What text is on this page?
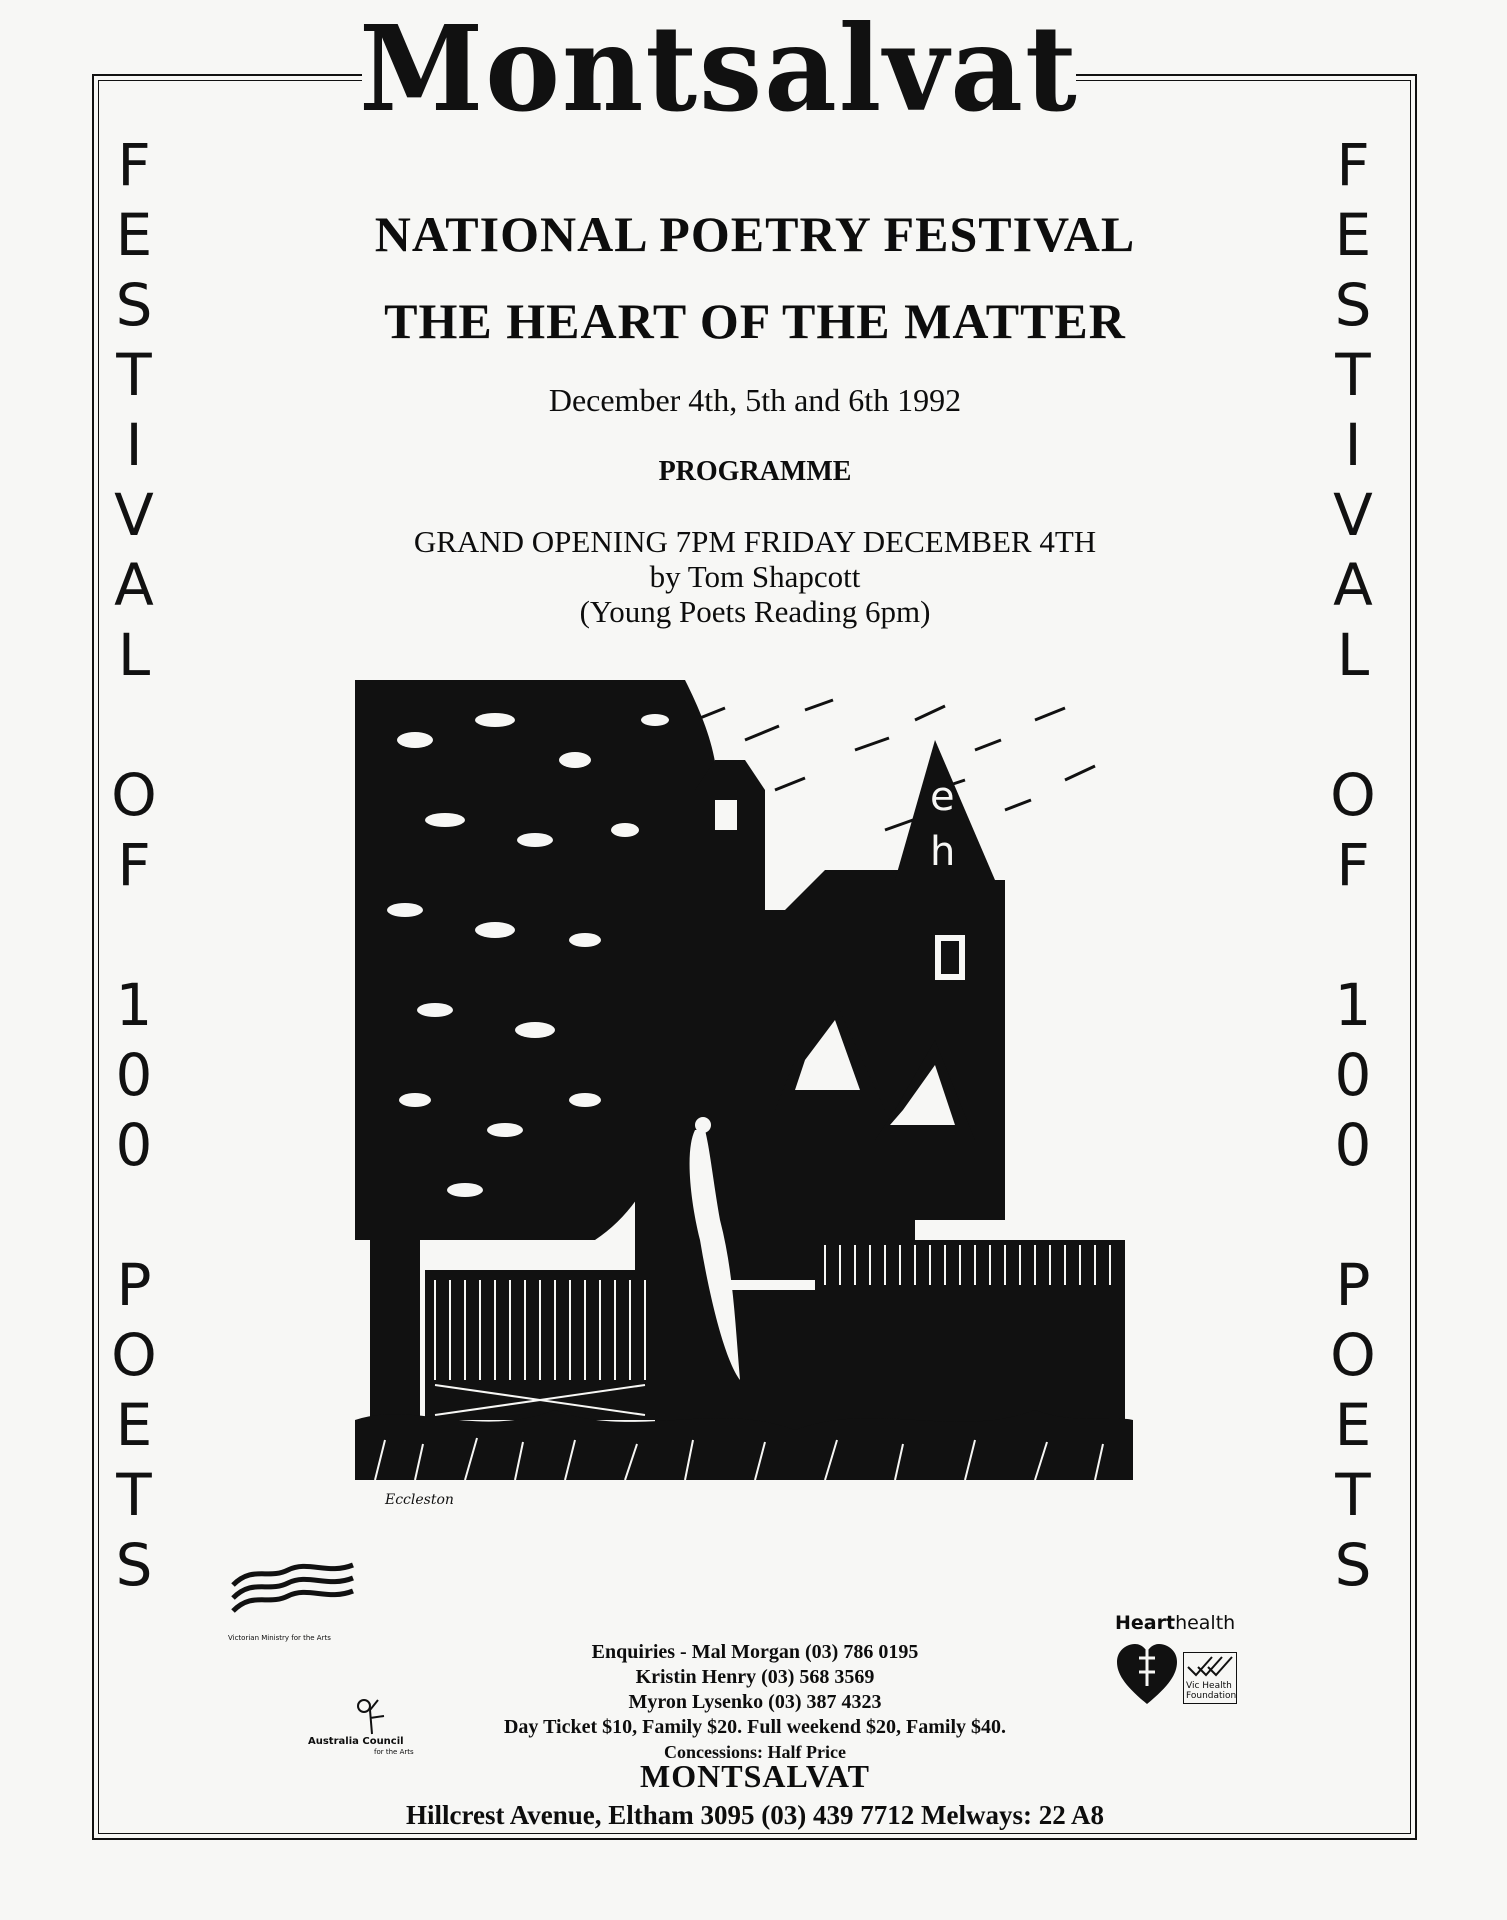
Montsalvat
F
E
S
T
I
V
A
L
O
F
1
0
0
P
O
E
T
S
F
E
S
T
I
V
A
L
O
F
1
0
0
P
O
E
T
S
NATIONAL POETRY FESTIVAL
THE HEART OF THE MATTER
December 4th, 5th and 6th 1992
PROGRAMME
GRAND OPENING 7PM FRIDAY DECEMBER 4TH
by Tom Shapcott
(Young Poets Reading 6pm)
e
h
Eccleston
Victorian Ministry for the Arts
Australia Council
for the Arts
Hearthealth
Vic Health Foundation
Enquiries - Mal Morgan (03) 786 0195
Kristin Henry (03) 568 3569
Myron Lysenko (03) 387 4323
Day Ticket $10, Family $20. Full weekend $20, Family $40.
Concessions: Half Price
MONTSALVAT
Hillcrest Avenue, Eltham 3095 (03) 439 7712 Melways: 22 A8
